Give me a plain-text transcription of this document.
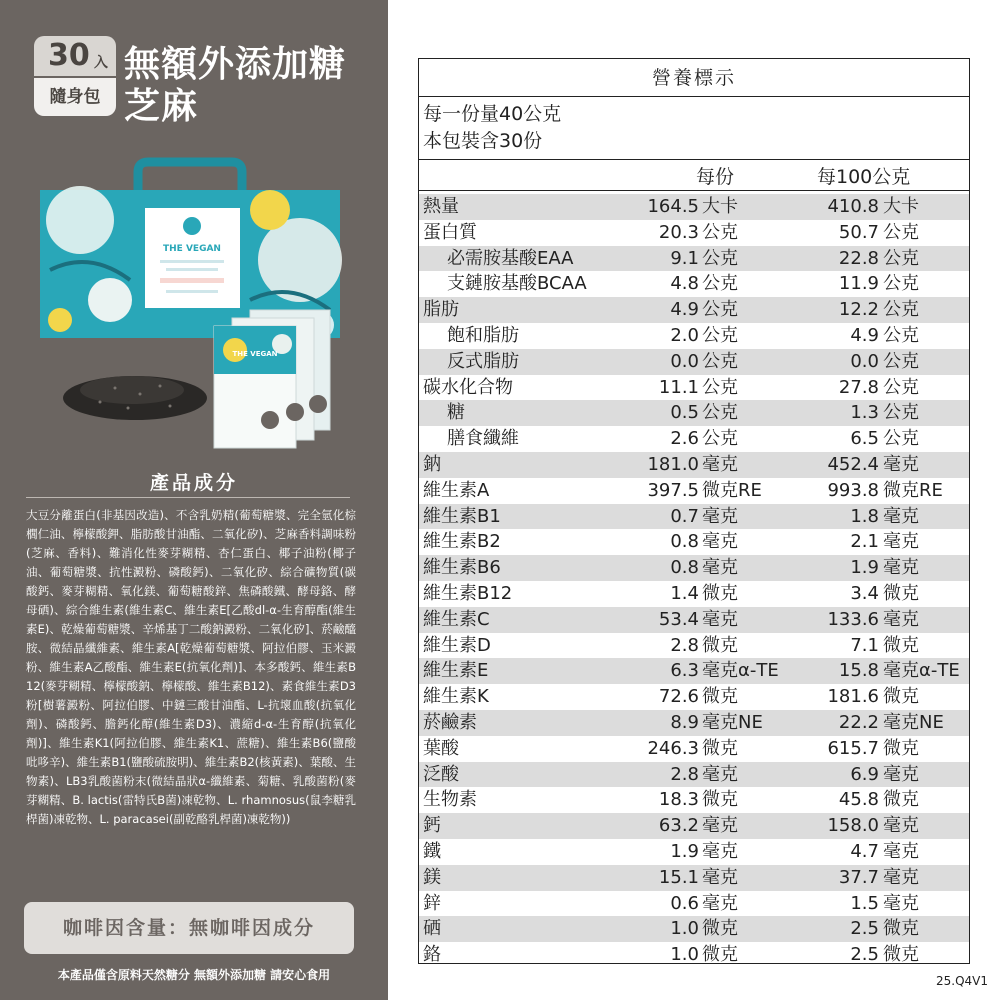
30 入
隨身包
無額外添加糖
芝麻
THE VEGAN
THE VEGAN
產品成分
大豆分離蛋白(非基因改造)、不含乳奶精(葡萄糖漿、完全氫化棕櫚仁油、檸檬酸鉀、脂肪酸甘油酯、二氧化矽)、芝麻香料調味粉(芝麻、香料)、難消化性麥芽糊精、杏仁蛋白、椰子油粉(椰子油、葡萄糖漿、抗性澱粉、磷酸鈣)、二氧化矽、綜合礦物質(碳酸鈣、麥芽糊精、氧化鎂、葡萄糖酸鋅、焦磷酸鐵、酵母鉻、酵母硒)、綜合維生素(維生素C、維生素E[乙酸dl-α-生育醇酯(維生素E)、乾燥葡萄糖漿、辛烯基丁二酸鈉澱粉、二氧化矽]、菸鹼醯胺、微結晶纖維素、維生素A[乾燥葡萄糖漿、阿拉伯膠、玉米澱粉、維生素A乙酸酯、維生素E(抗氧化劑)]、本多酸鈣、維生素B12(麥芽糊精、檸檬酸鈉、檸檬酸、維生素B12)、素食維生素D3粉[樹薯澱粉、阿拉伯膠、中鏈三酸甘油酯、L-抗壞血酸(抗氧化劑)、磷酸鈣、膽鈣化醇(維生素D3)、濃縮d-α-生育醇(抗氧化劑)]、維生素K1(阿拉伯膠、維生素K1、蔗糖)、維生素B6(鹽酸吡哆辛)、維生素B1(鹽酸硫胺明)、維生素B2(核黃素)、葉酸、生物素)、LB3乳酸菌粉末(微結晶狀α-纖維素、菊糖、乳酸菌粉(麥芽糊精、B. lactis(雷特氏B菌)凍乾物、L. rhamnosus(鼠李糖乳桿菌)凍乾物、L. paracasei(副乾酪乳桿菌)凍乾物))
咖啡因含量：無咖啡因成分
本產品僅含原料天然糖分 無額外添加糖 請安心食用
營養標示
每一份量40公克
本包裝含30份
每份	每100公克
熱量	164.5 大卡	410.8 大卡
蛋白質	20.3 公克	50.7 公克
必需胺基酸EAA	9.1 公克	22.8 公克
支鏈胺基酸BCAA	4.8 公克	11.9 公克
脂肪	4.9 公克	12.2 公克
飽和脂肪	2.0 公克	4.9 公克
反式脂肪	0.0 公克	0.0 公克
碳水化合物	11.1 公克	27.8 公克
糖	0.5 公克	1.3 公克
膳食纖維	2.6 公克	6.5 公克
鈉	181.0 毫克	452.4 毫克
維生素A	397.5 微克RE	993.8 微克RE
維生素B1	0.7 毫克	1.8 毫克
維生素B2	0.8 毫克	2.1 毫克
維生素B6	0.8 毫克	1.9 毫克
維生素B12	1.4 微克	3.4 微克
維生素C	53.4 毫克	133.6 毫克
維生素D	2.8 微克	7.1 微克
維生素E	6.3 毫克α-TE	15.8 毫克α-TE
維生素K	72.6 微克	181.6 微克
菸鹼素	8.9 毫克NE	22.2 毫克NE
葉酸	246.3 微克	615.7 微克
泛酸	2.8 毫克	6.9 毫克
生物素	18.3 微克	45.8 微克
鈣	63.2 毫克	158.0 毫克
鐵	1.9 毫克	4.7 毫克
鎂	15.1 毫克	37.7 毫克
鋅	0.6 毫克	1.5 毫克
硒	1.0 微克	2.5 微克
鉻	1.0 微克	2.5 微克
25.Q4V1
